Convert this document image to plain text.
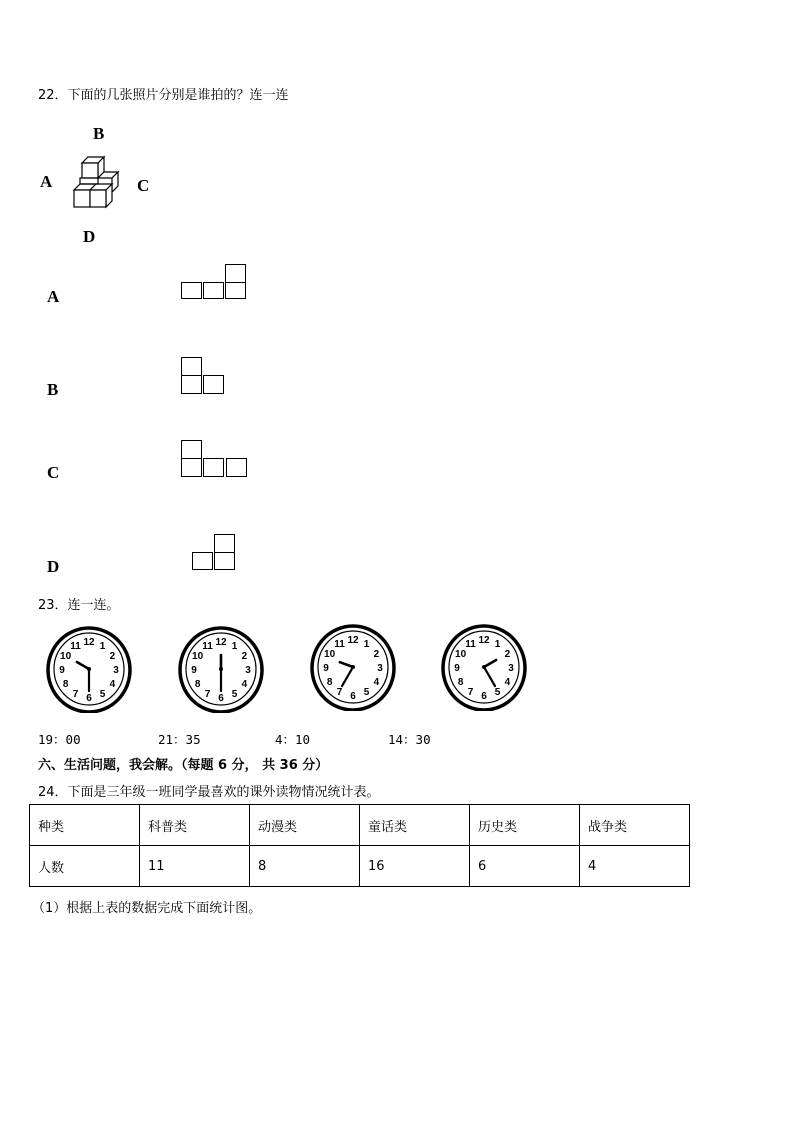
22．下面的几张照片分别是谁拍的？连一连
B
A	C
D
A
B
C
D
23．连一连。
1
2
3
4
5
6
7
8
9
10
11 12	1
2
3
4
5
6
7
8
9
10
11 12	1
2
3
4
5
6
7
8
9
10
11 12	1
2
3
4
5
6
7
8
9
10
11 12
19：00	21：35	4：10	14：30
六、生活问题，我会解。（每题 6 分， 共 36 分）
24．下面是三年级一班同学最喜欢的课外读物情况统计表。
种类	科普类	动漫类	童话类	历史类	战争类
人数	11	8	16	6	4
（1）根据上表的数据完成下面统计图。
